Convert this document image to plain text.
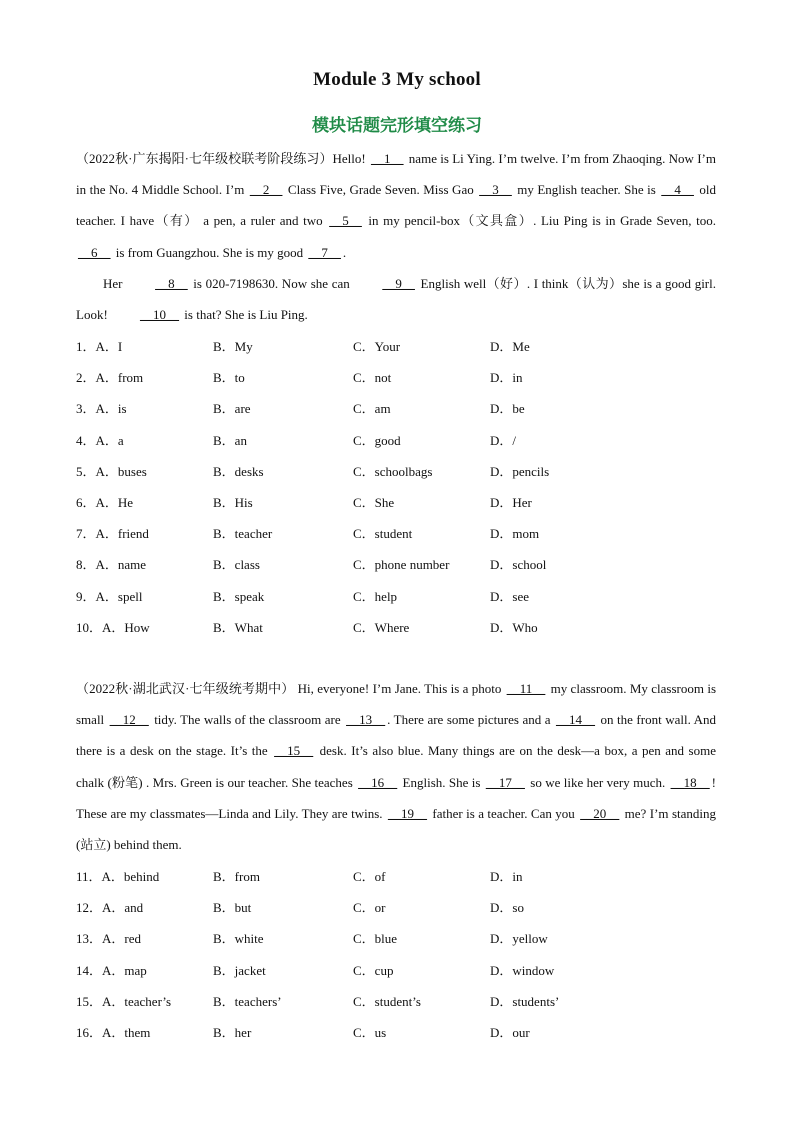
Module 3 My school
模块话题完形填空练习

（2022秋·广东揭阳·七年级校联考阶段练习）Hello! __1__ name is Li Ying. I’m twelve. I’m from Zhaoqing. Now I’m in the No. 4 Middle School. I’m __2__ Class Five, Grade Seven. Miss Gao __3__ my English teacher. She is __4__ old teacher. I have（有） a pen, a ruler and two __5__ in my pencil-box（文具盒）. Liu Ping is in Grade Seven, too. __6__ is from Guangzhou. She is my good __7__ .

Her __8__ is 020-7198630. Now she can __9__ English well（好）. I think（认为）she is a good girl. Look! __10__ is that? She is Liu Ping.

1．A．I	B．My	C．Your	D．Me
2．A．from	B．to	C．not	D．in
3．A．is	B．are	C．am	D．be
4．A．a	B．an	C．good	D．/
5．A．buses	B．desks	C．schoolbags	D．pencils
6．A．He	B．His	C．She	D．Her
7．A．friend	B．teacher	C．student	D．mom
8．A．name	B．class	C．phone number	D．school
9．A．spell	B．speak	C．help	D．see
10．A．How	B．What	C．Where	D．Who

（2022秋·湖北武汉·七年级统考期中） Hi, everyone! I’m Jane. This is a photo __11__ my classroom. My classroom is small __12__ tidy. The walls of the classroom are __13__ . There are some pictures and a __14__ on the front wall. And there is a desk on the stage. It’s the __15__ desk. It’s also blue. Many things are on the desk—a box, a pen and some chalk (粉笔) . Mrs. Green is our teacher. She teaches __16__ English. She is __17__ so we like her very much. __18__ ! These are my classmates—Linda and Lily. They are twins. __19__ father is a teacher. Can you __20__ me? I’m standing (站立) behind them.

11．A．behind	B．from	C．of	D．in
12．A．and	B．but	C．or	D．so
13．A．red	B．white	C．blue	D．yellow
14．A．map	B．jacket	C．cup	D．window
15．A．teacher’s	B．teachers’	C．student’s	D．students’
16．A．them	B．her	C．us	D．our
